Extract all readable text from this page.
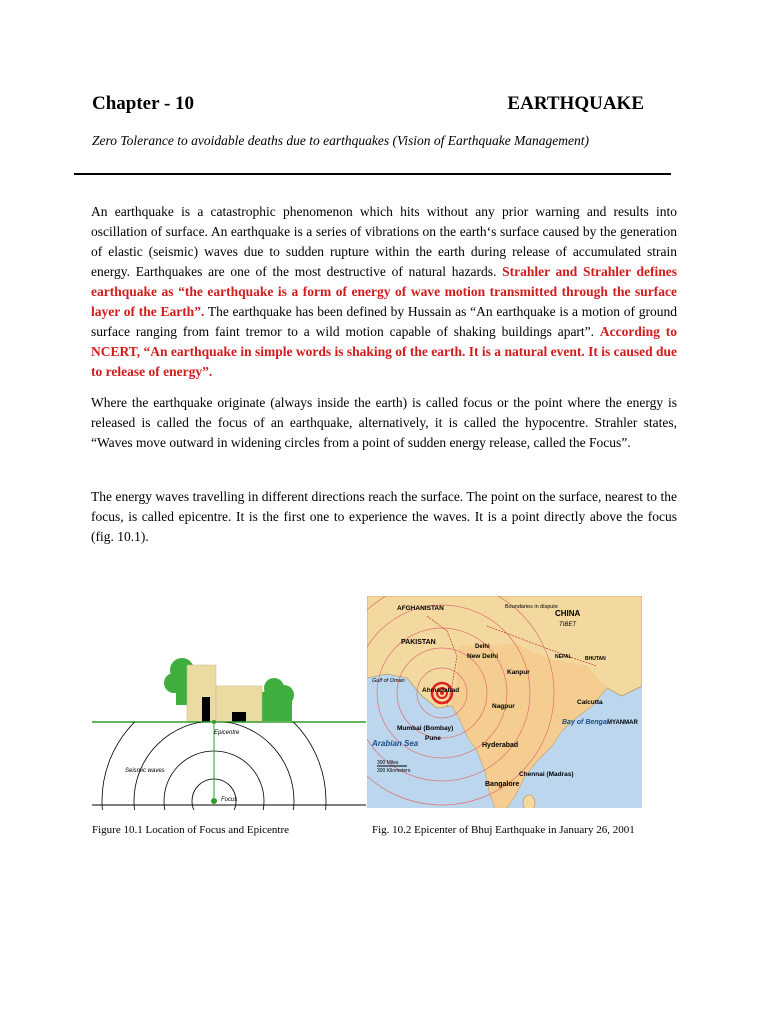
Chapter - 10	EARTHQUAKE
Zero Tolerance to avoidable deaths due to earthquakes (Vision of Earthquake Management)
An earthquake is a catastrophic phenomenon which hits without any prior warning and results into oscillation of surface. An earthquake is a series of vibrations on the earth‘s surface caused by the generation of elastic (seismic) waves due to sudden rupture within the earth during release of accumulated strain energy. Earthquakes are one of the most destructive of natural hazards. Strahler and Strahler defines earthquake as “the earthquake is a form of energy of wave motion transmitted through the surface layer of the Earth”. The earthquake has been defined by Hussain as “An earthquake is a motion of ground surface ranging from faint tremor to a wild motion capable of shaking buildings apart”. According to NCERT, “An earthquake in simple words is shaking of the earth. It is a natural event. It is caused due to release of energy”.
Where the earthquake originate (always inside the earth) is called focus or the point where the energy is released is called the focus of an earthquake, alternatively, it is called the hypocentre. Strahler states, “Waves move outward in widening circles from a point of sudden energy release, called the Focus”.
The energy waves travelling in different directions reach the surface. The point on the surface, nearest to the focus, is called epicentre. It is the first one to experience the waves. It is a point directly above the focus (fig. 10.1).
Epicentre
Seismic waves
Focus
AFGHANISTAN	Boundaries in dispute
CHINA
TIBET
PAKISTAN
Delhi
New Delhi	NEPAL	BHUTAN
Kanpur
Gulf of Oman
Ahmadabad
MYANMAR
Calcutta
Nagpur
Mumbai (Bombay)
Pune
Arabian Sea
Bay of Bengal
Hyderabad
300 Miles
300 Kilometers	Chennai (Madras)
Bangalore
Figure 10.1 Location of Focus and Epicentre	Fig. 10.2 Epicenter of Bhuj Earthquake in January 26, 2001
